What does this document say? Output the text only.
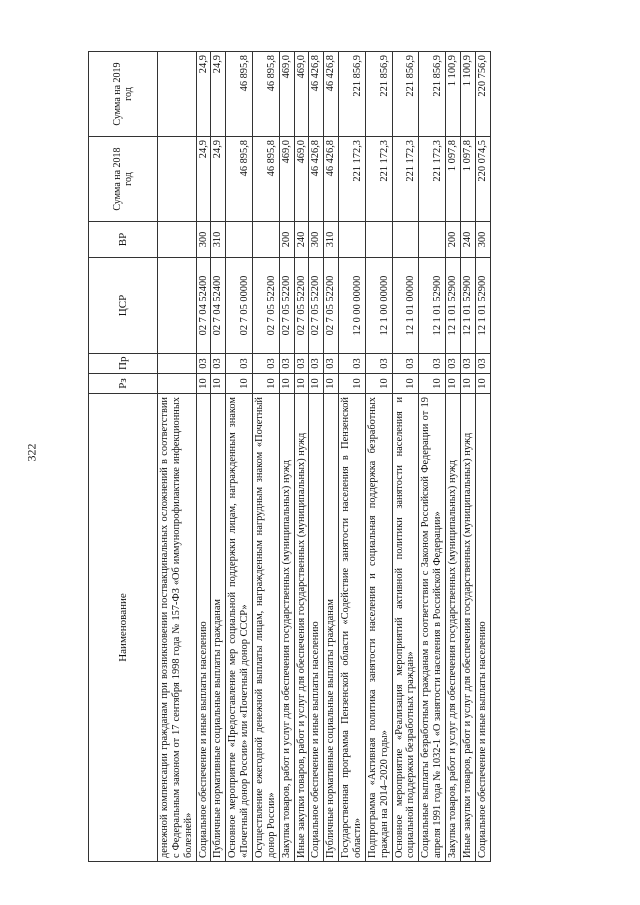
322
Наименование	Рз	Пр	ЦСР	ВР	Сумма на 2018 год	Сумма на 2019 год
денежной компенсации гражданам при возникновении поствакцинальных осложнений в соответствии с Федеральным законом от 17 сентября 1998 года № 157-ФЗ «Об иммунопрофилактике инфекционных болезней»						
Социальное обеспечение и иные выплаты населению	10	03	02 7 04 52400	300	24,9	24,9
Публичные нормативные социальные выплаты гражданам	10	03	02 7 04 52400	310	24,9	24,9
Основное мероприятие «Предоставление мер социальной поддержки лицам, награжденным знаком «Почетный донор России» или «Почетный донор СССР»	10	03	02 7 05 00000		46 895,8	46 895,8
Осуществление ежегодной денежной выплаты лицам, награжденным нагрудным знаком «Почетный донор России»	10	03	02 7 05 52200		46 895,8	46 895,8
Закупка товаров, работ и услуг для обеспечения государственных (муниципальных) нужд	10	03	02 7 05 52200	200	469,0	469,0
Иные закупки товаров, работ и услуг для обеспечения государственных (муниципальных) нужд	10	03	02 7 05 52200	240	469,0	469,0
Социальное обеспечение и иные выплаты населению	10	03	02 7 05 52200	300	46 426,8	46 426,8
Публичные нормативные социальные выплаты гражданам	10	03	02 7 05 52200	310	46 426,8	46 426,8
Государственная программа Пензенской области «Содействие занятости населения в Пензенской области»	10	03	12 0 00 00000		221 172,3	221 856,9
Подпрограмма «Активная политика занятости населения и социальная поддержка безработных граждан на 2014–2020 годы»	10	03	12 1 00 00000		221 172,3	221 856,9
Основное мероприятие «Реализация мероприятий активной политики занятости населения и социальной поддержки безработных граждан»	10	03	12 1 01 00000		221 172,3	221 856,9
Социальные выплаты безработным гражданам в соответствии с Законом Российской Федерации от 19 апреля 1991 года № 1032-1 «О занятости населения в Российской Федерации»	10	03	12 1 01 52900		221 172,3	221 856,9
Закупка товаров, работ и услуг для обеспечения государственных (муниципальных) нужд	10	03	12 1 01 52900	200	1 097,8	1 100,9
Иные закупки товаров, работ и услуг для обеспечения государственных (муниципальных) нужд	10	03	12 1 01 52900	240	1 097,8	1 100,9
Социальное обеспечение и иные выплаты населению	10	03	12 1 01 52900	300	220 074,5	220 756,0
